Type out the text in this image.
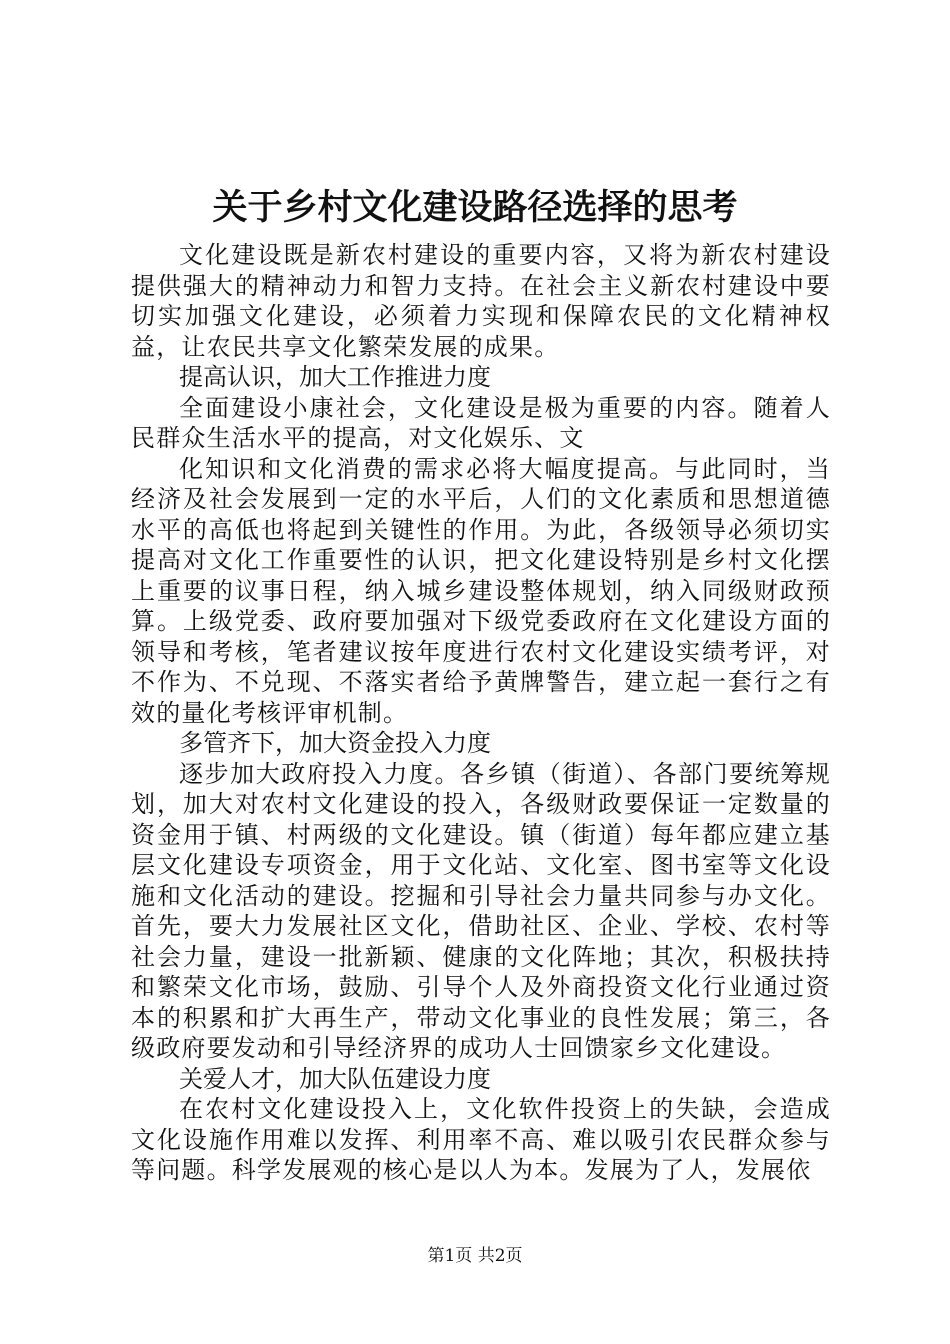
关于乡村文化建设路径选择的思考

文化建设既是新农村建设的重要内容，又将为新农村建设提供强大的精神动力和智力支持。在社会主义新农村建设中要切实加强文化建设，必须着力实现和保障农民的文化精神权益，让农民共享文化繁荣发展的成果。

提高认识，加大工作推进力度

全面建设小康社会，文化建设是极为重要的内容。随着人民群众生活水平的提高，对文化娱乐、文

化知识和文化消费的需求必将大幅度提高。与此同时，当经济及社会发展到一定的水平后，人们的文化素质和思想道德水平的高低也将起到关键性的作用。为此，各级领导必须切实提高对文化工作重要性的认识，把文化建设特别是乡村文化摆上重要的议事日程，纳入城乡建设整体规划，纳入同级财政预算。上级党委、政府要加强对下级党委政府在文化建设方面的领导和考核，笔者建议按年度进行农村文化建设实绩考评，对不作为、不兑现、不落实者给予黄牌警告，建立起一套行之有效的量化考核评审机制。

多管齐下，加大资金投入力度

逐步加大政府投入力度。各乡镇（街道）、各部门要统筹规划，加大对农村文化建设的投入，各级财政要保证一定数量的资金用于镇、村两级的文化建设。镇（街道）每年都应建立基层文化建设专项资金，用于文化站、文化室、图书室等文化设施和文化活动的建设。挖掘和引导社会力量共同参与办文化。首先，要大力发展社区文化，借助社区、企业、学校、农村等社会力量，建设一批新颖、健康的文化阵地；其次，积极扶持和繁荣文化市场，鼓励、引导个人及外商投资文化行业通过资本的积累和扩大再生产，带动文化事业的良性发展；第三，各级政府要发动和引导经济界的成功人士回馈家乡文化建设。

关爱人才，加大队伍建设力度

在农村文化建设投入上，文化软件投资上的失缺，会造成文化设施作用难以发挥、利用率不高、难以吸引农民群众参与等问题。科学发展观的核心是以人为本。发展为了人，发展依

第1页 共2页
